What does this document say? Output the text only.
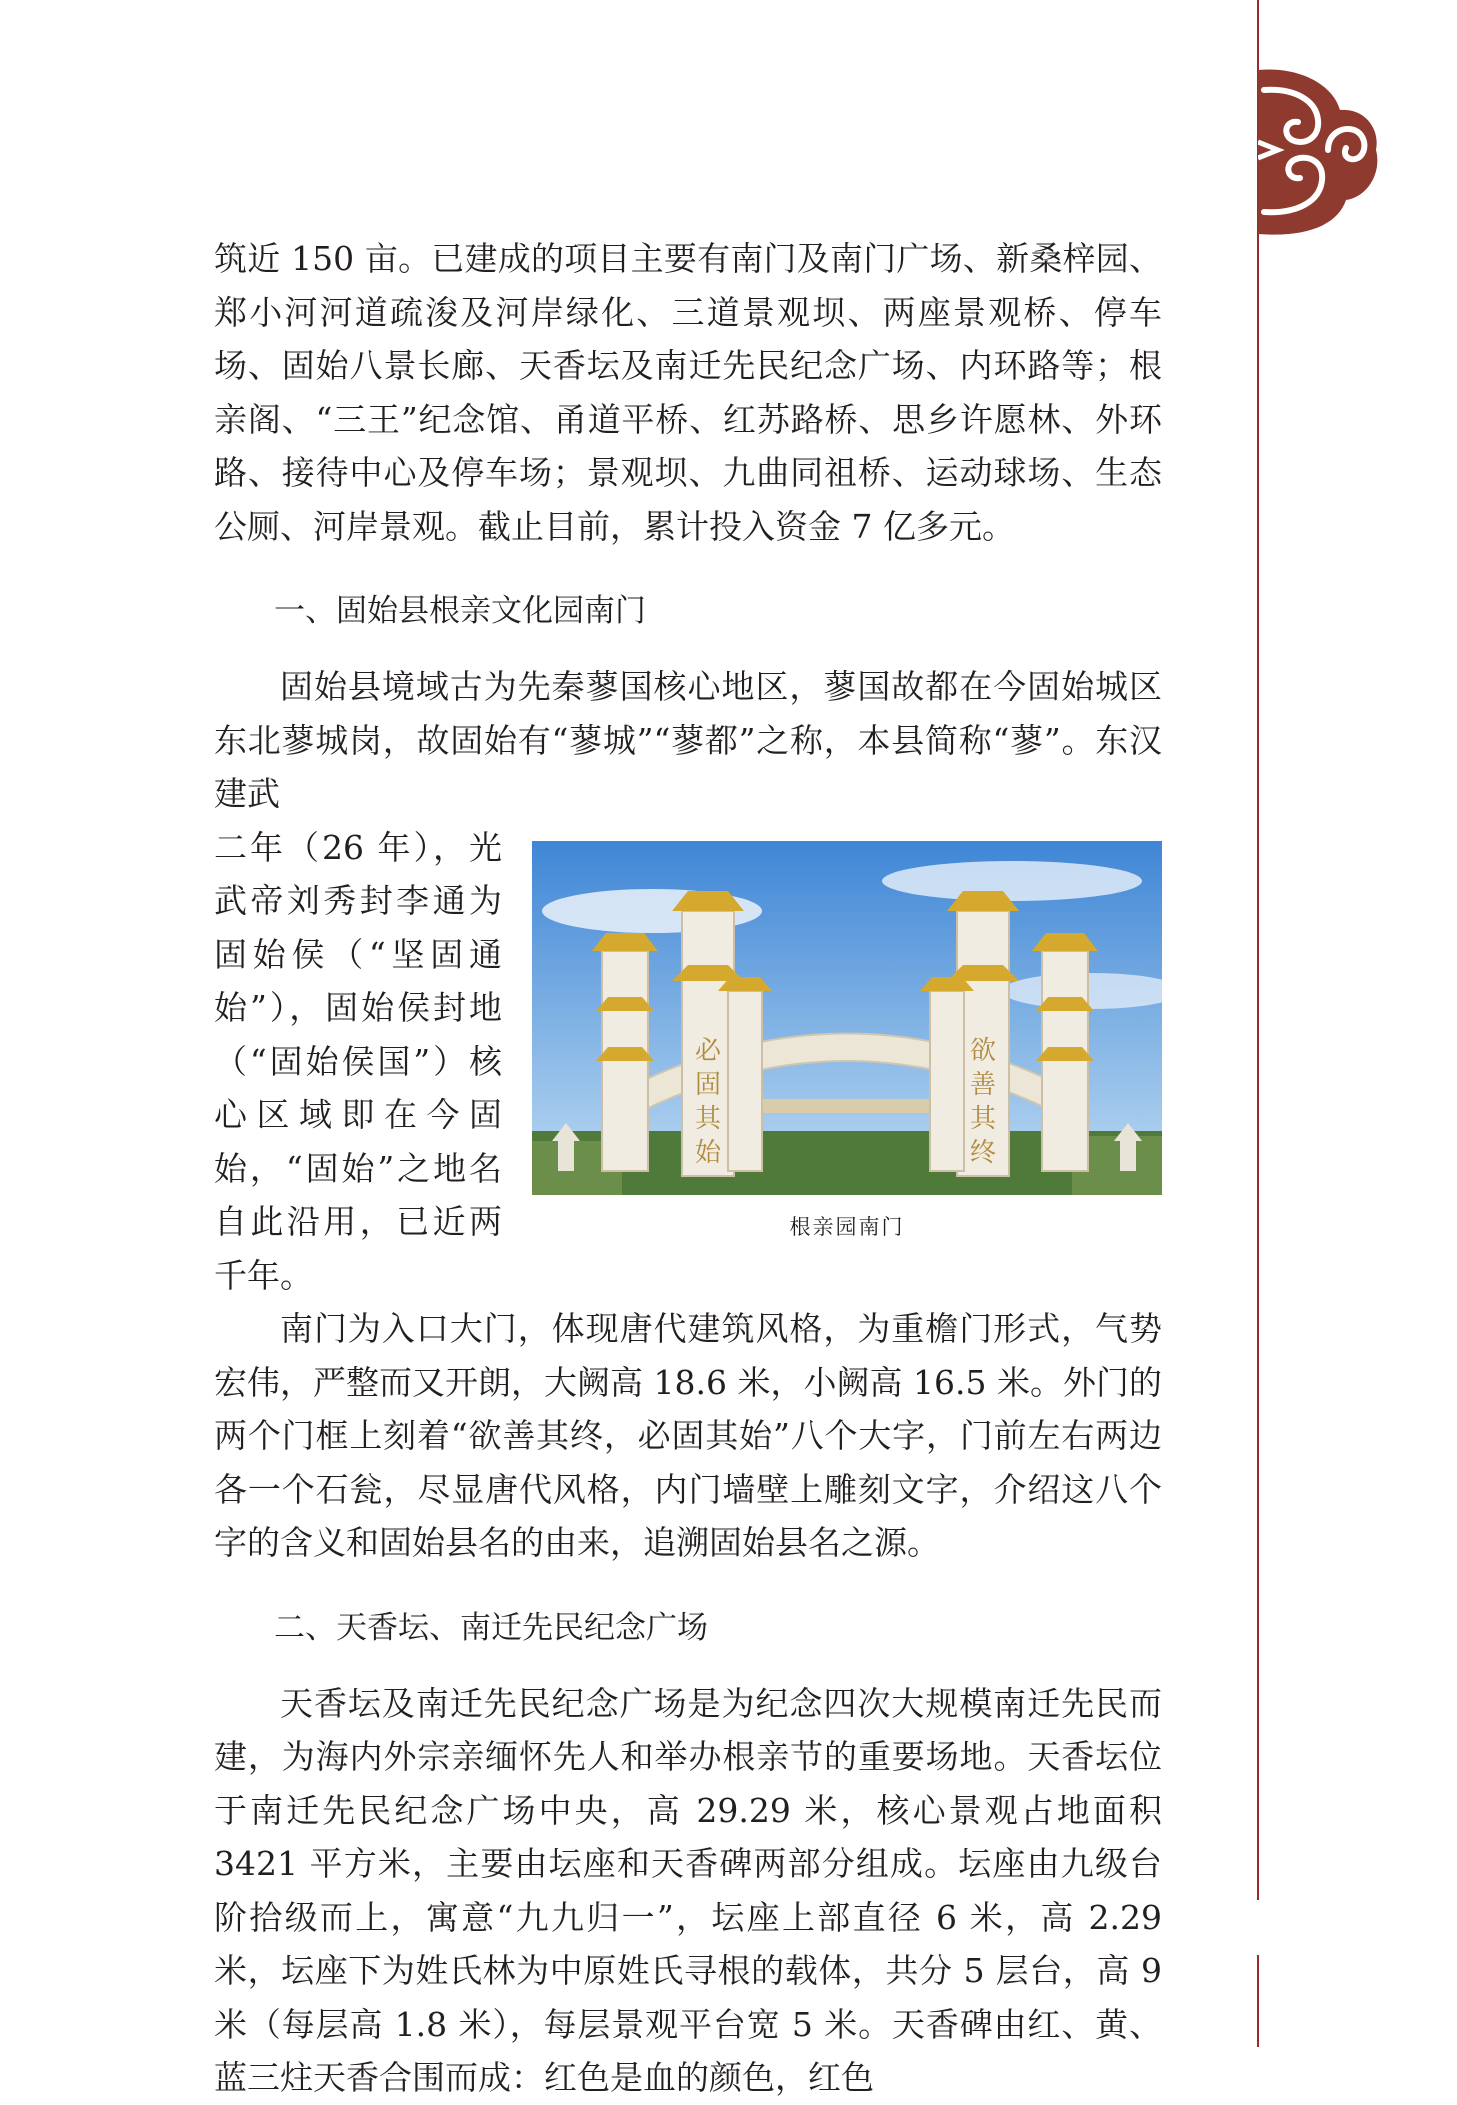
筑近 150 亩。已建成的项目主要有南门及南门广场、新桑梓园、郑小河河道疏浚及河岸绿化、三道景观坝、两座景观桥、停车场、固始八景长廊、天香坛及南迁先民纪念广场、内环路等；根亲阁、“三王”纪念馆、甬道平桥、红苏路桥、思乡许愿林、外环路、接待中心及停车场；景观坝、九曲同祖桥、运动球场、生态公厕、河岸景观。截止目前，累计投入资金 7 亿多元。

一、固始县根亲文化园南门

固始县境域古为先秦蓼国核心地区，蓼国故都在今固始城区东北蓼城岗，故固始有“蓼城”“蓼都”之称，本县简称“蓼”。东汉建武

必
固
其
始
欲
善
其
终
根亲园南门

二年（26 年），光武帝刘秀封李通为固始侯（“坚固通始”），固始侯封地（“固始侯国”）核心区域即在今固始，“固始”之地名自此沿用，已近两千年。

南门为入口大门，体现唐代建筑风格，为重檐门形式，气势宏伟，严整而又开朗，大阙高 18.6 米，小阙高 16.5 米。外门的两个门框上刻着“欲善其终，必固其始”八个大字，门前左右两边各一个石瓮，尽显唐代风格，内门墙壁上雕刻文字，介绍这八个字的含义和固始县名的由来，追溯固始县名之源。

二、天香坛、南迁先民纪念广场

天香坛及南迁先民纪念广场是为纪念四次大规模南迁先民而建，为海内外宗亲缅怀先人和举办根亲节的重要场地。天香坛位于南迁先民纪念广场中央，高 29.29 米，核心景观占地面积 3421 平方米，主要由坛座和天香碑两部分组成。坛座由九级台阶拾级而上，寓意“九九归一”，坛座上部直径 6 米，高 2.29 米，坛座下为姓氏林为中原姓氏寻根的载体，共分 5 层台，高 9 米（每层高 1.8 米），每层景观平台宽 5 米。天香碑由红、黄、蓝三炷天香合围而成：红色是血的颜色，红色
